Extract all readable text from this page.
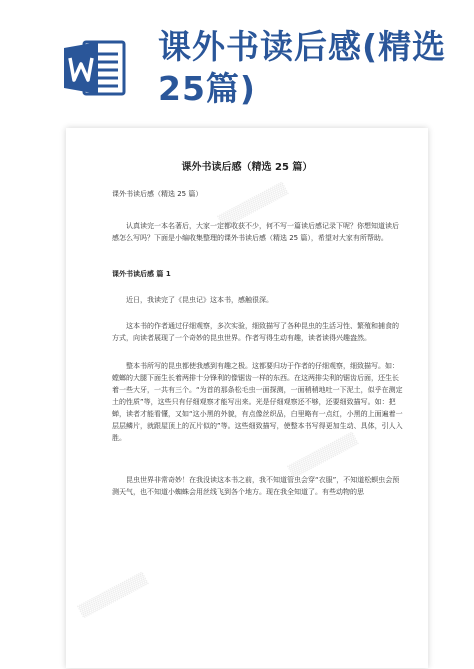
课外书读后感(精选25篇)
▒▒▒▒▒▒▒▒
▒▒▒▒▒▒▒▒
▒▒▒▒▒▒▒▒
课外书读后感（精选 25 篇）
课外书读后感（精选 25 篇）
认真读完一本名著后，大家一定都收获不少，何不写一篇读后感记录下呢？你想知道读后感怎么写吗？下面是小编收集整理的课外书读后感（精选 25 篇），希望对大家有所帮助。
课外书读后感 篇 1
近日，我读完了《昆虫记》这本书，感触很深。
这本书的作者通过仔细观察，多次实验，细致描写了各种昆虫的生活习性、繁殖和捕食的方式，向读者展现了一个奇妙的昆虫世界。作者写得生动有趣，读者读得兴趣盎然。
整本书所写的昆虫都使我感到有趣之极。这都要归功于作者的仔细观察，细致描写。如：螳螂的大腿下面生长着两排十分锋利的像锯齿一样的东西。在这两排尖利的锯齿后面，还生长着一些大牙，一共有三个。“为首的那条松毛虫一面探测，一面稍稍地吐一下泥土，似乎在测定土的性质”等，这些只有仔细观察才能写出来。光是仔细观察还不够，还要细致描写。如：把蝉，读者才能看懂，又如“这小黑的外貌，有点像丝织品，白里略有一点红，小黑的上面遍着一层层鳞片，就跟屋顶上的瓦片似的”等。这些细致描写，使整本书写得更加生动、具体，引人入胜。
昆虫世界非常奇妙！在我没读这本书之前，我不知道管虫会穿“衣服”，不知道松螟虫会预测天气，也不知道小蜘蛛会用丝线飞到各个地方。现在我全知道了。有些动物的思
